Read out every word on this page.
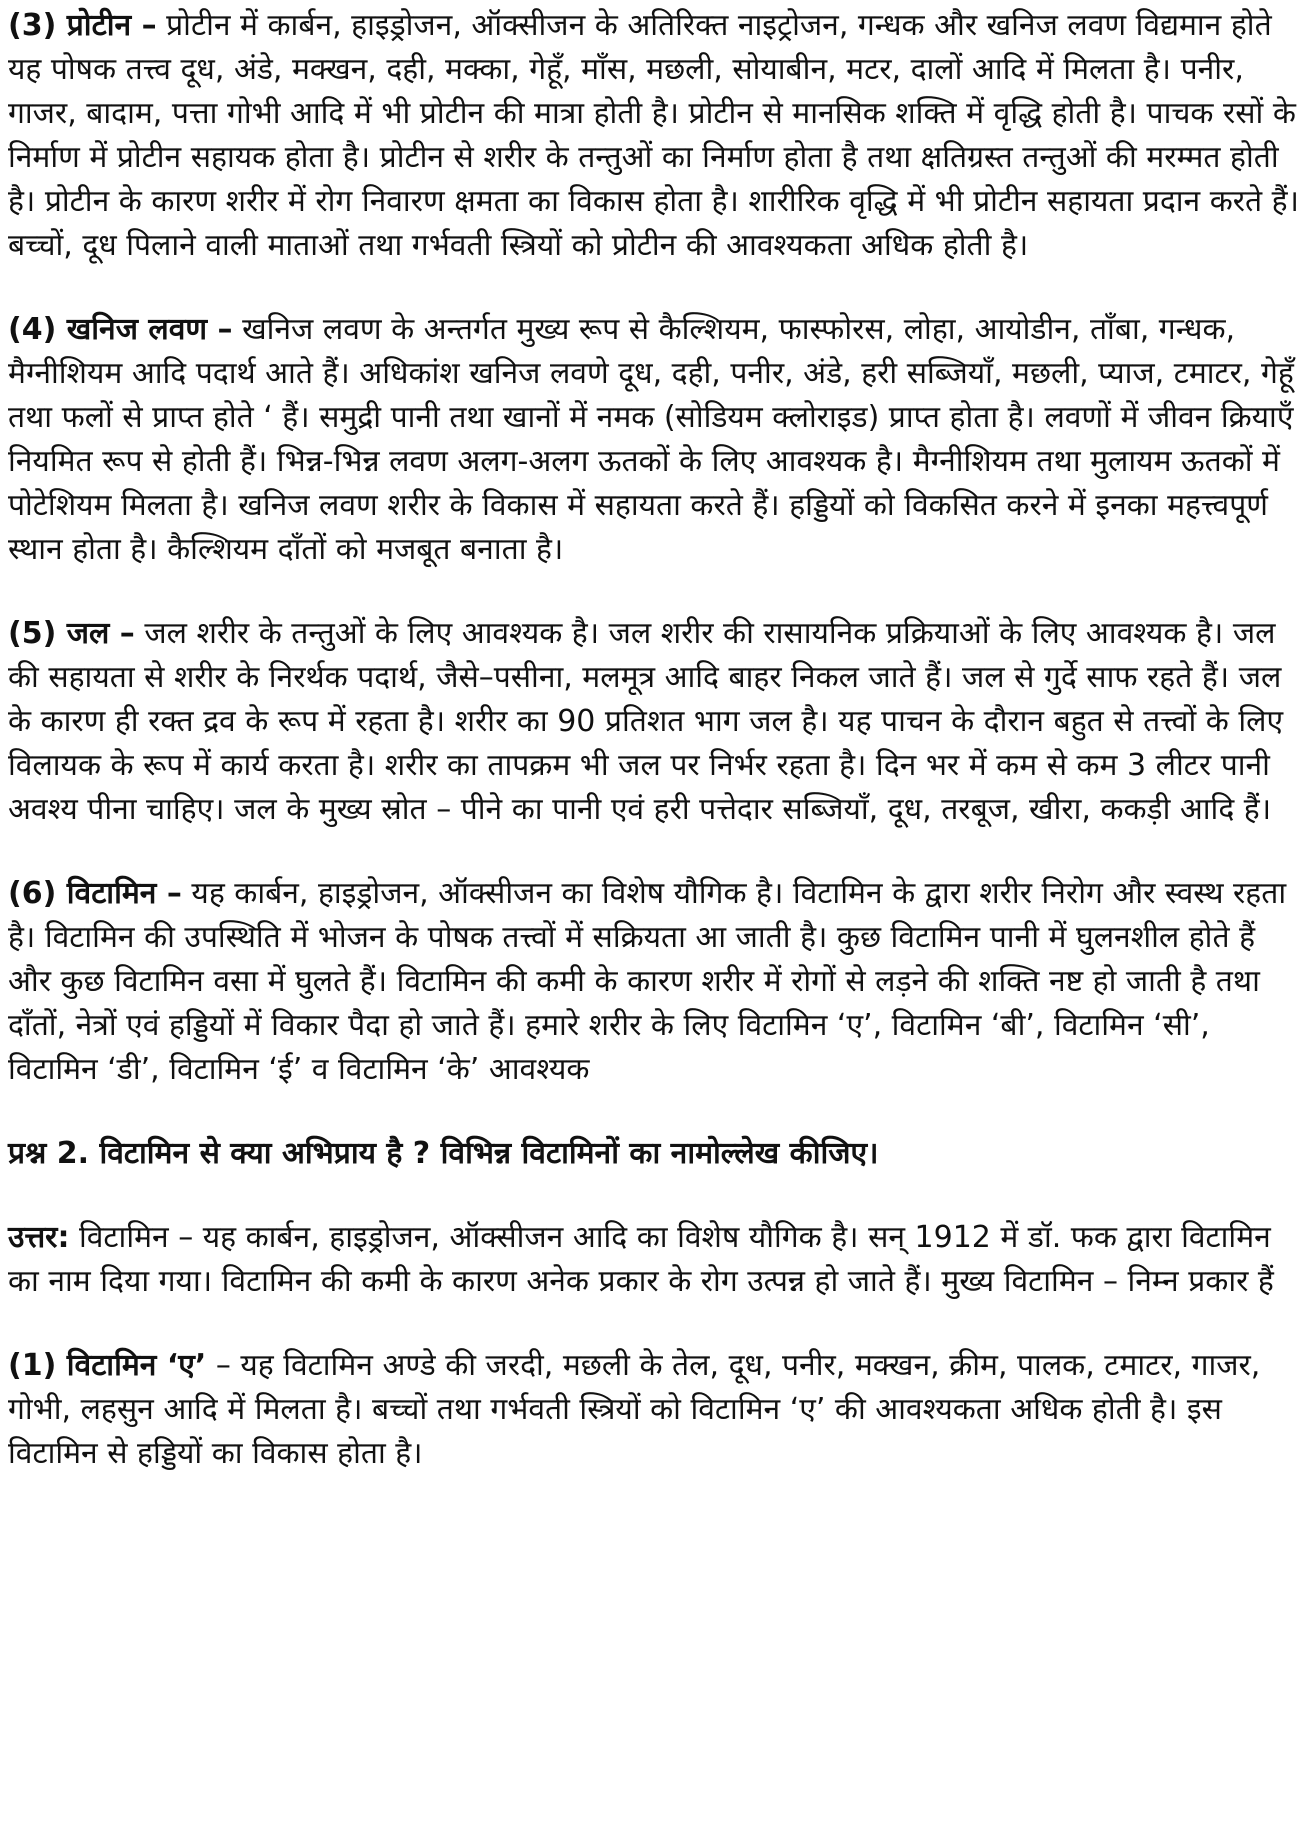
(3) प्रोटीन – प्रोटीन में कार्बन, हाइड्रोजन, ऑक्सीजन के अतिरिक्त नाइट्रोजन, गन्धक और खनिज लवण विद्यमान होते यह पोषक तत्त्व दूध, अंडे, मक्खन, दही, मक्का, गेहूँ, माँस, मछली, सोयाबीन, मटर, दालों आदि में मिलता है। पनीर, गाजर, बादाम, पत्ता गोभी आदि में भी प्रोटीन की मात्रा होती है। प्रोटीन से मानसिक शक्ति में वृद्धि होती है। पाचक रसों के निर्माण में प्रोटीन सहायक होता है। प्रोटीन से शरीर के तन्तुओं का निर्माण होता है तथा क्षतिग्रस्त तन्तुओं की मरम्मत होती है। प्रोटीन के कारण शरीर में रोग निवारण क्षमता का विकास होता है। शारीरिक वृद्धि में भी प्रोटीन सहायता प्रदान करते हैं। बच्चों, दूध पिलाने वाली माताओं तथा गर्भवती स्त्रियों को प्रोटीन की आवश्यकता अधिक होती है।

(4) खनिज लवण – खनिज लवण के अन्तर्गत मुख्य रूप से कैल्शियम, फास्फोरस, लोहा, आयोडीन, ताँबा, गन्धक, मैग्नीशियम आदि पदार्थ आते हैं। अधिकांश खनिज लवणे दूध, दही, पनीर, अंडे, हरी सब्जियाँ, मछली, प्याज, टमाटर, गेहूँ तथा फलों से प्राप्त होते ‘ हैं। समुद्री पानी तथा खानों में नमक (सोडियम क्लोराइड) प्राप्त होता है। लवणों में जीवन क्रियाएँ नियमित रूप से होती हैं। भिन्न-भिन्न लवण अलग-अलग ऊतकों के लिए आवश्यक है। मैग्नीशियम तथा मुलायम ऊतकों में पोटेशियम मिलता है। खनिज लवण शरीर के विकास में सहायता करते हैं। हड्डियों को विकसित करने में इनका महत्त्वपूर्ण स्थान होता है। कैल्शियम दाँतों को मजबूत बनाता है।

(5) जल – जल शरीर के तन्तुओं के लिए आवश्यक है। जल शरीर की रासायनिक प्रक्रियाओं के लिए आवश्यक है। जल की सहायता से शरीर के निरर्थक पदार्थ, जैसे–पसीना, मलमूत्र आदि बाहर निकल जाते हैं। जल से गुर्दे साफ रहते हैं। जल के कारण ही रक्त द्रव के रूप में रहता है। शरीर का 90 प्रतिशत भाग जल है। यह पाचन के दौरान बहुत से तत्त्वों के लिए विलायक के रूप में कार्य करता है। शरीर का तापक्रम भी जल पर निर्भर रहता है। दिन भर में कम से कम 3 लीटर पानी अवश्य पीना चाहिए। जल के मुख्य स्रोत – पीने का पानी एवं हरी पत्तेदार सब्जियाँ, दूध, तरबूज, खीरा, ककड़ी आदि हैं।

(6) विटामिन – यह कार्बन, हाइड्रोजन, ऑक्सीजन का विशेष यौगिक है। विटामिन के द्वारा शरीर निरोग और स्वस्थ रहता है। विटामिन की उपस्थिति में भोजन के पोषक तत्त्वों में सक्रियता आ जाती है। कुछ विटामिन पानी में घुलनशील होते हैं और कुछ विटामिन वसा में घुलते हैं। विटामिन की कमी के कारण शरीर में रोगों से लड़ने की शक्ति नष्ट हो जाती है तथा दाँतों, नेत्रों एवं हड्डियों में विकार पैदा हो जाते हैं। हमारे शरीर के लिए विटामिन ‘ए’, विटामिन ‘बी’, विटामिन ‘सी’, विटामिन ‘डी’, विटामिन ‘ई’ व विटामिन ‘के’ आवश्यक

प्रश्न 2. विटामिन से क्या अभिप्राय है ? विभिन्न विटामिनों का नामोल्लेख कीजिए।

उत्तर: विटामिन – यह कार्बन, हाइड्रोजन, ऑक्सीजन आदि का विशेष यौगिक है। सन् 1912 में डॉ. फक द्वारा विटामिन का नाम दिया गया। विटामिन की कमी के कारण अनेक प्रकार के रोग उत्पन्न हो जाते हैं। मुख्य विटामिन – निम्न प्रकार हैं

(1) विटामिन ‘ए’ – यह विटामिन अण्डे की जरदी, मछली के तेल, दूध, पनीर, मक्खन, क्रीम, पालक, टमाटर, गाजर, गोभी, लहसुन आदि में मिलता है। बच्चों तथा गर्भवती स्त्रियों को विटामिन ‘ए’ की आवश्यकता अधिक होती है। इस विटामिन से हड्डियों का विकास होता है।
